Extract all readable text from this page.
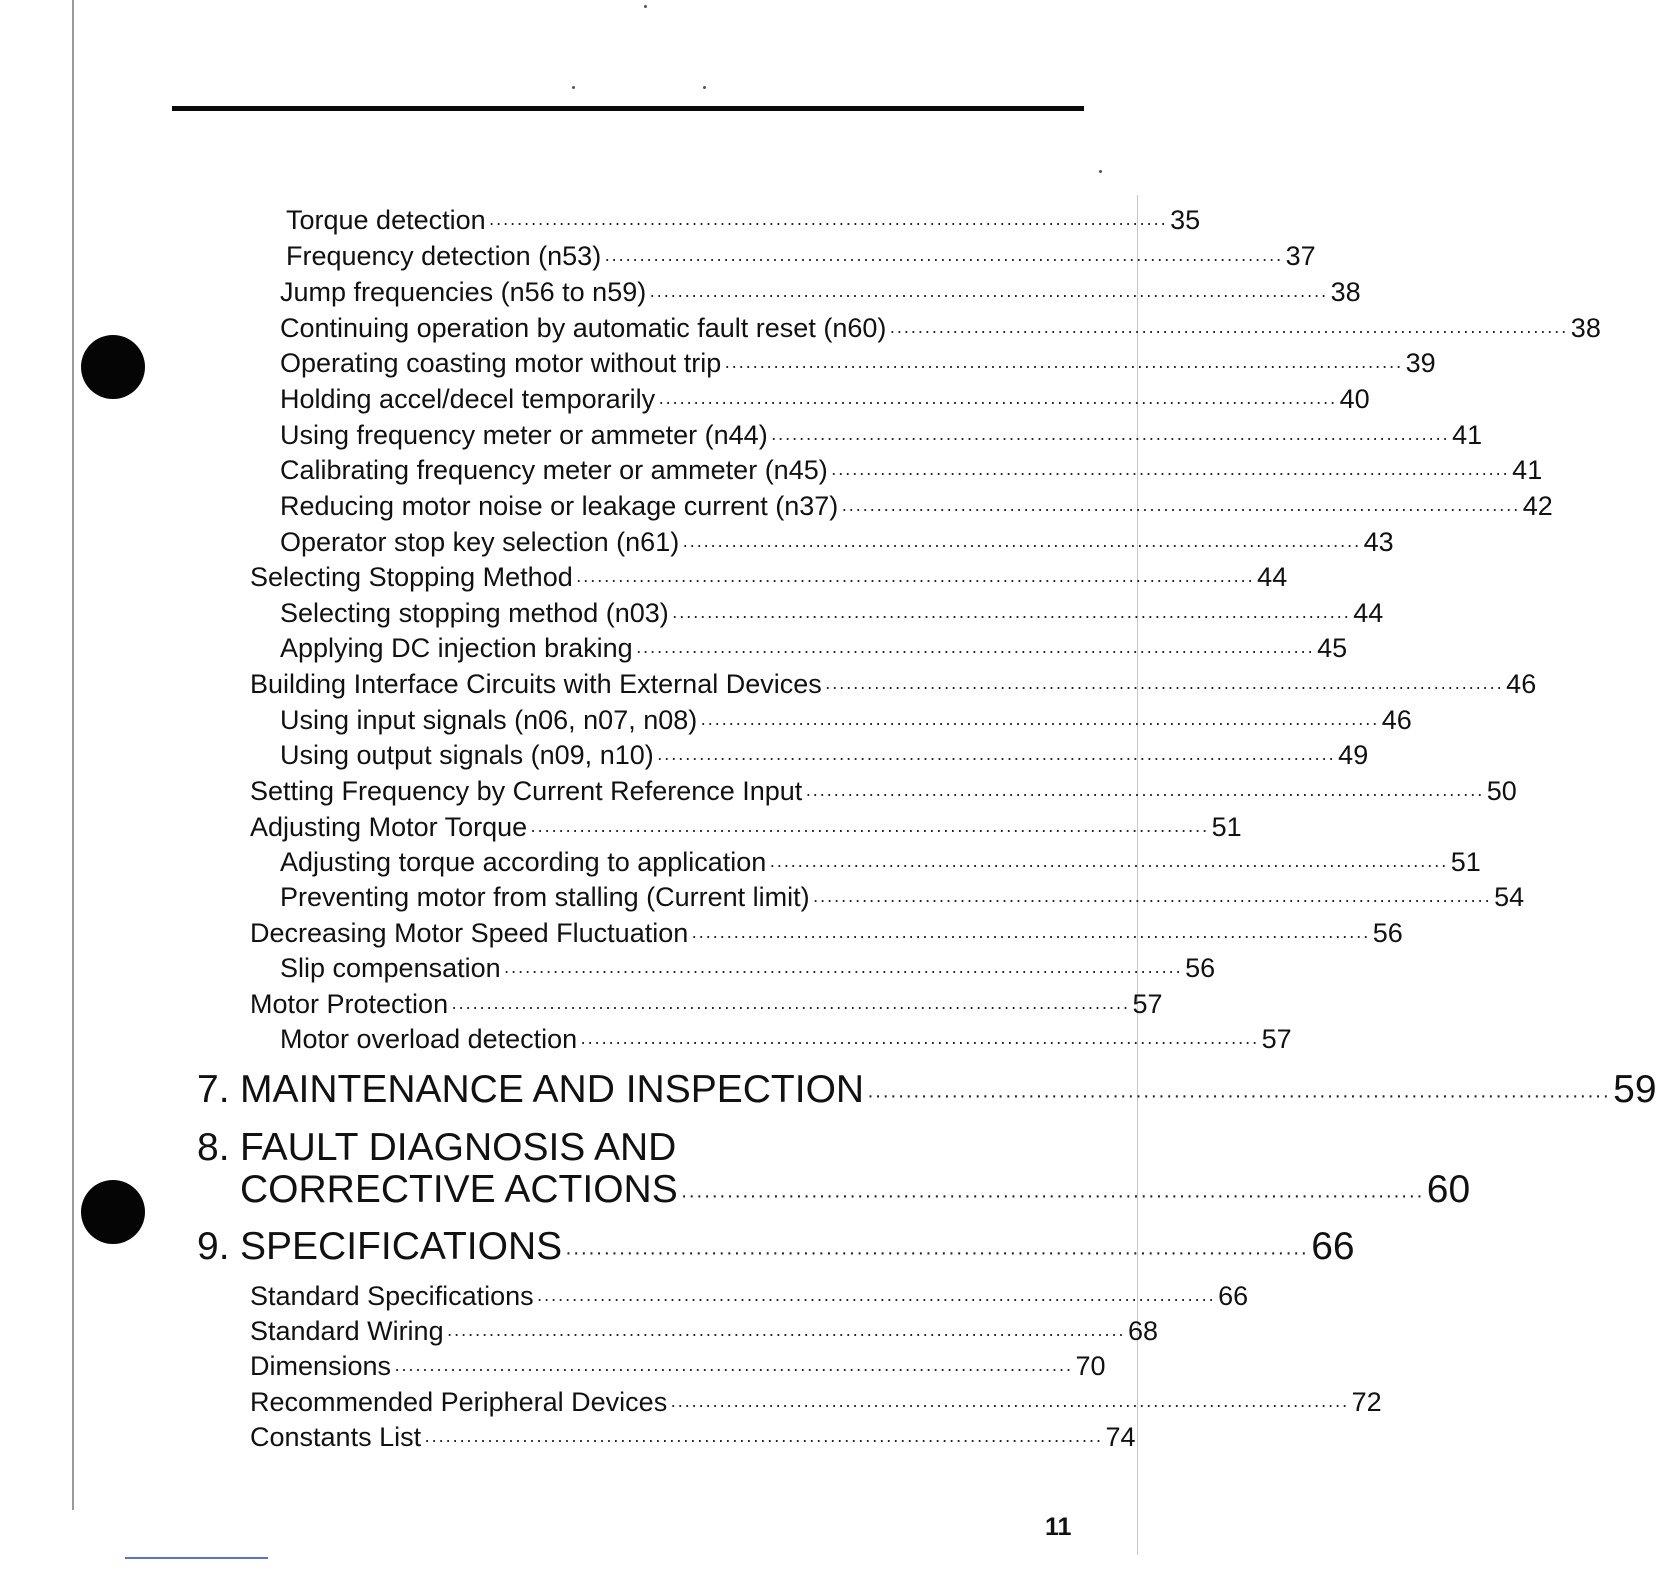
Torque detection ································································································· 35
Frequency detection (n53) ································································································· 37
Jump frequencies (n56 to n59) ································································································· 38
Continuing operation by automatic fault reset (n60) ································································································· 38
Operating coasting motor without trip ································································································· 39
Holding accel/decel temporarily ································································································· 40
Using frequency meter or ammeter (n44) ································································································· 41
Calibrating frequency meter or ammeter (n45) ································································································· 41
Reducing motor noise or leakage current (n37) ································································································· 42
Operator stop key selection (n61) ································································································· 43
Selecting Stopping Method ································································································· 44
Selecting stopping method (n03) ································································································· 44
Applying DC injection braking ································································································· 45
Building Interface Circuits with External Devices ································································································· 46
Using input signals (n06, n07, n08) ································································································· 46
Using output signals (n09, n10) ································································································· 49
Setting Frequency by Current Reference Input ································································································· 50
Adjusting Motor Torque ································································································· 51
Adjusting torque according to application ································································································· 51
Preventing motor from stalling (Current limit) ································································································· 54
Decreasing Motor Speed Fluctuation ································································································· 56
Slip compensation ································································································· 56
Motor Protection ································································································· 57
Motor overload detection ································································································· 57
7. MAINTENANCE AND INSPECTION ································································································· 59
8. FAULT DIAGNOSIS AND
CORRECTIVE ACTIONS ································································································· 60
9. SPECIFICATIONS ································································································· 66
Standard Specifications ································································································· 66
Standard Wiring ································································································· 68
Dimensions ································································································· 70
Recommended Peripheral Devices ································································································· 72
Constants List ································································································· 74
11
